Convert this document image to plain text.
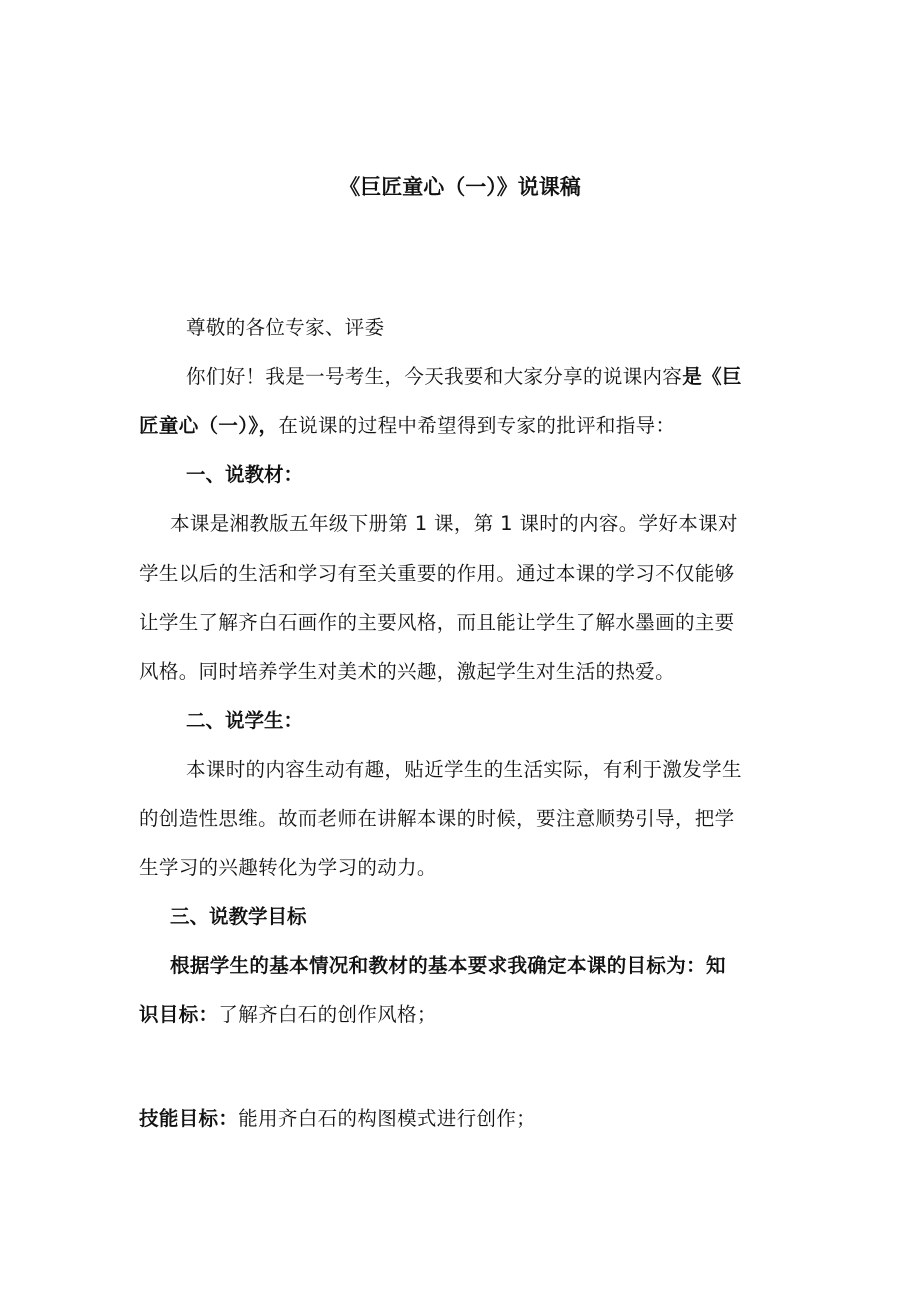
《巨匠童心（一）》说课稿
尊敬的各位专家、评委
你们好！我是一号考生，今天我要和大家分享的说课内容是《巨
匠童心（一）》，在说课的过程中希望得到专家的批评和指导：
一、说教材：
本课是湘教版五年级下册第 1 课，第 1 课时的内容。学好本课对
学生以后的生活和学习有至关重要的作用。通过本课的学习不仅能够
让学生了解齐白石画作的主要风格，而且能让学生了解水墨画的主要
风格。同时培养学生对美术的兴趣，激起学生对生活的热爱。
二、说学生：
本课时的内容生动有趣，贴近学生的生活实际，有利于激发学生
的创造性思维。故而老师在讲解本课的时候，要注意顺势引导，把学
生学习的兴趣转化为学习的动力。
三、说教学目标
根据学生的基本情况和教材的基本要求我确定本课的目标为：知
识目标：了解齐白石的创作风格；
技能目标：能用齐白石的构图模式进行创作；
